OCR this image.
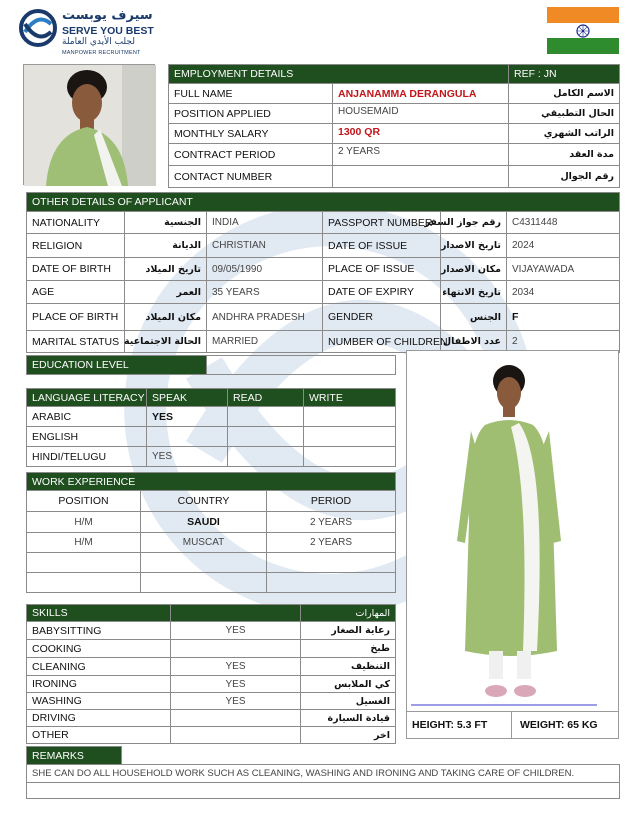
سيرف يوبست
SERVE YOU BEST
لجلب الأيدي العاملة
MANPOWER RECRUITMENT
EMPLOYMENT DETAILS		REF : JN
FULL NAME	ANJANAMMA DERANGULA	الاسم الكامل
POSITION APPLIED	HOUSEMAID	الحال التطبيقي
MONTHLY SALARY	1300 QR	الراتب الشهري
CONTRACT PERIOD	2 YEARS	مدة العقد
CONTACT NUMBER		رقم الجوال
OTHER DETAILS OF APPLICANT					
NATIONALITY	الجنسية	INDIA	PASSPORT NUMBER	رقم جواز السفر	C4311448
RELIGION	الديانة	CHRISTIAN	DATE OF ISSUE	تاريخ الاصدار	2024
DATE OF BIRTH	تاريخ الميلاد	09/05/1990	PLACE OF ISSUE	مكان الاصدار	VIJAYAWADA
AGE	العمر	35 YEARS	DATE OF EXPIRY	تاريخ الانتهاء	2034
PLACE OF BIRTH	مكان الميلاد	ANDHRA PRADESH	GENDER	الجنس	F
MARITAL STATUS	الحالة الاجتماعية	MARRIED	NUMBER OF CHILDREN	عدد الاطفال	2
EDUCATION LEVEL	
LANGUAGE LITERACY	SPEAK	READ	WRITE
ARABIC	YES		
ENGLISH			
HINDI/TELUGU	YES		
WORK EXPERIENCE		
POSITION	COUNTRY	PERIOD
H/M	SAUDI	2 YEARS
H/M	MUSCAT	2 YEARS

SKILLS		المهارات
BABYSITTING	YES	رعاية الصغار
COOKING		طبخ
CLEANING	YES	التنظيف
IRONING	YES	كي الملابس
WASHING	YES	الغسيل
DRIVING		قيادة السيارة
OTHER		اخر
HEIGHT: 5.3 FT	WEIGHT: 65 KG
REMARKS	
SHE CAN DO ALL HOUSEHOLD WORK SUCH AS CLEANING, WASHING AND IRONING AND TAKING CARE OF CHILDREN.
